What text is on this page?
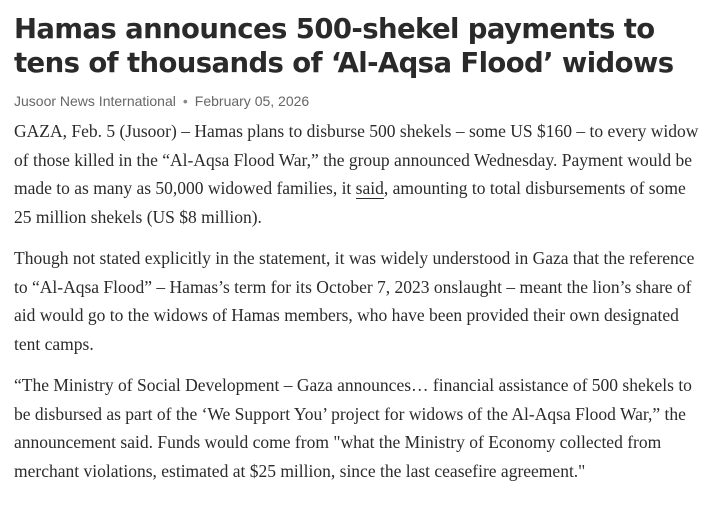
Hamas announces 500-shekel payments to tens of thousands of ‘Al-Aqsa Flood’ widows
Jusoor News International • February 05, 2026

GAZA, Feb. 5 (Jusoor) – Hamas plans to disburse 500 shekels – some US $160 – to every widow of those killed in the “Al-Aqsa Flood War,” the group announced Wednesday. Payment would be made to as many as 50,000 widowed families, it said, amounting to total disbursements of some 25 million shekels (US $8 million).

Though not stated explicitly in the statement, it was widely understood in Gaza that the reference to “Al-Aqsa Flood” – Hamas’s term for its October 7, 2023 onslaught – meant the lion’s share of aid would go to the widows of Hamas members, who have been provided their own designated tent camps.

“The Ministry of Social Development – Gaza announces… financial assistance of 500 shekels to be disbursed as part of the ‘We Support You’ project for widows of the Al-Aqsa Flood War,” the announcement said. Funds would come from "what the Ministry of Economy collected from merchant violations, estimated at $25 million, since the last ceasefire agreement."
